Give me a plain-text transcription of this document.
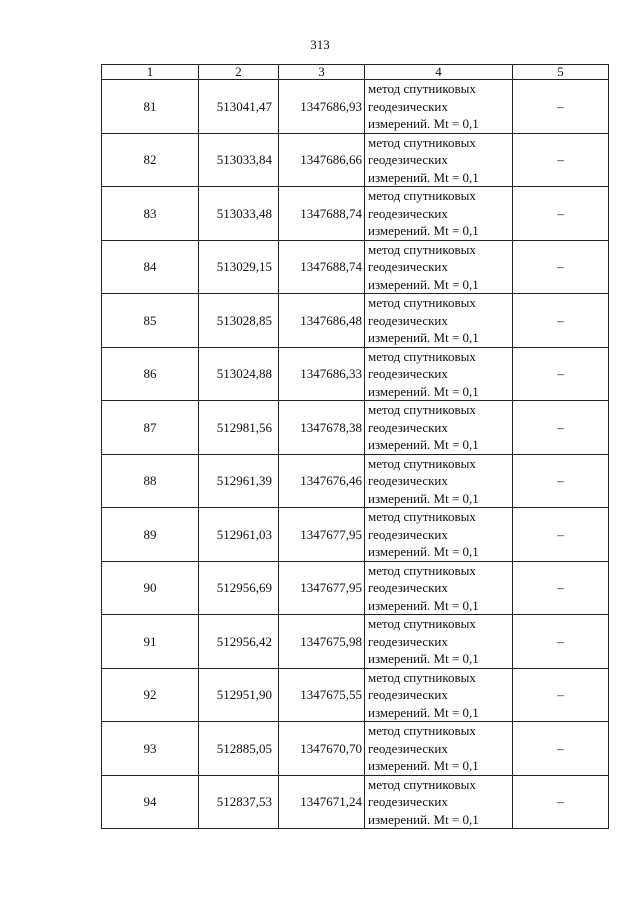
313
1	2	3	4	5
81	513041,47	1347686,93	метод спутниковых
геодезических
измерений. Mt = 0,1	–
82	513033,84	1347686,66	метод спутниковых
геодезических
измерений. Mt = 0,1	–
83	513033,48	1347688,74	метод спутниковых
геодезических
измерений. Mt = 0,1	–
84	513029,15	1347688,74	метод спутниковых
геодезических
измерений. Mt = 0,1	–
85	513028,85	1347686,48	метод спутниковых
геодезических
измерений. Mt = 0,1	–
86	513024,88	1347686,33	метод спутниковых
геодезических
измерений. Mt = 0,1	–
87	512981,56	1347678,38	метод спутниковых
геодезических
измерений. Mt = 0,1	–
88	512961,39	1347676,46	метод спутниковых
геодезических
измерений. Mt = 0,1	–
89	512961,03	1347677,95	метод спутниковых
геодезических
измерений. Mt = 0,1	–
90	512956,69	1347677,95	метод спутниковых
геодезических
измерений. Mt = 0,1	–
91	512956,42	1347675,98	метод спутниковых
геодезических
измерений. Mt = 0,1	–
92	512951,90	1347675,55	метод спутниковых
геодезических
измерений. Mt = 0,1	–
93	512885,05	1347670,70	метод спутниковых
геодезических
измерений. Mt = 0,1	–
94	512837,53	1347671,24	метод спутниковых
геодезических
измерений. Mt = 0,1	–
